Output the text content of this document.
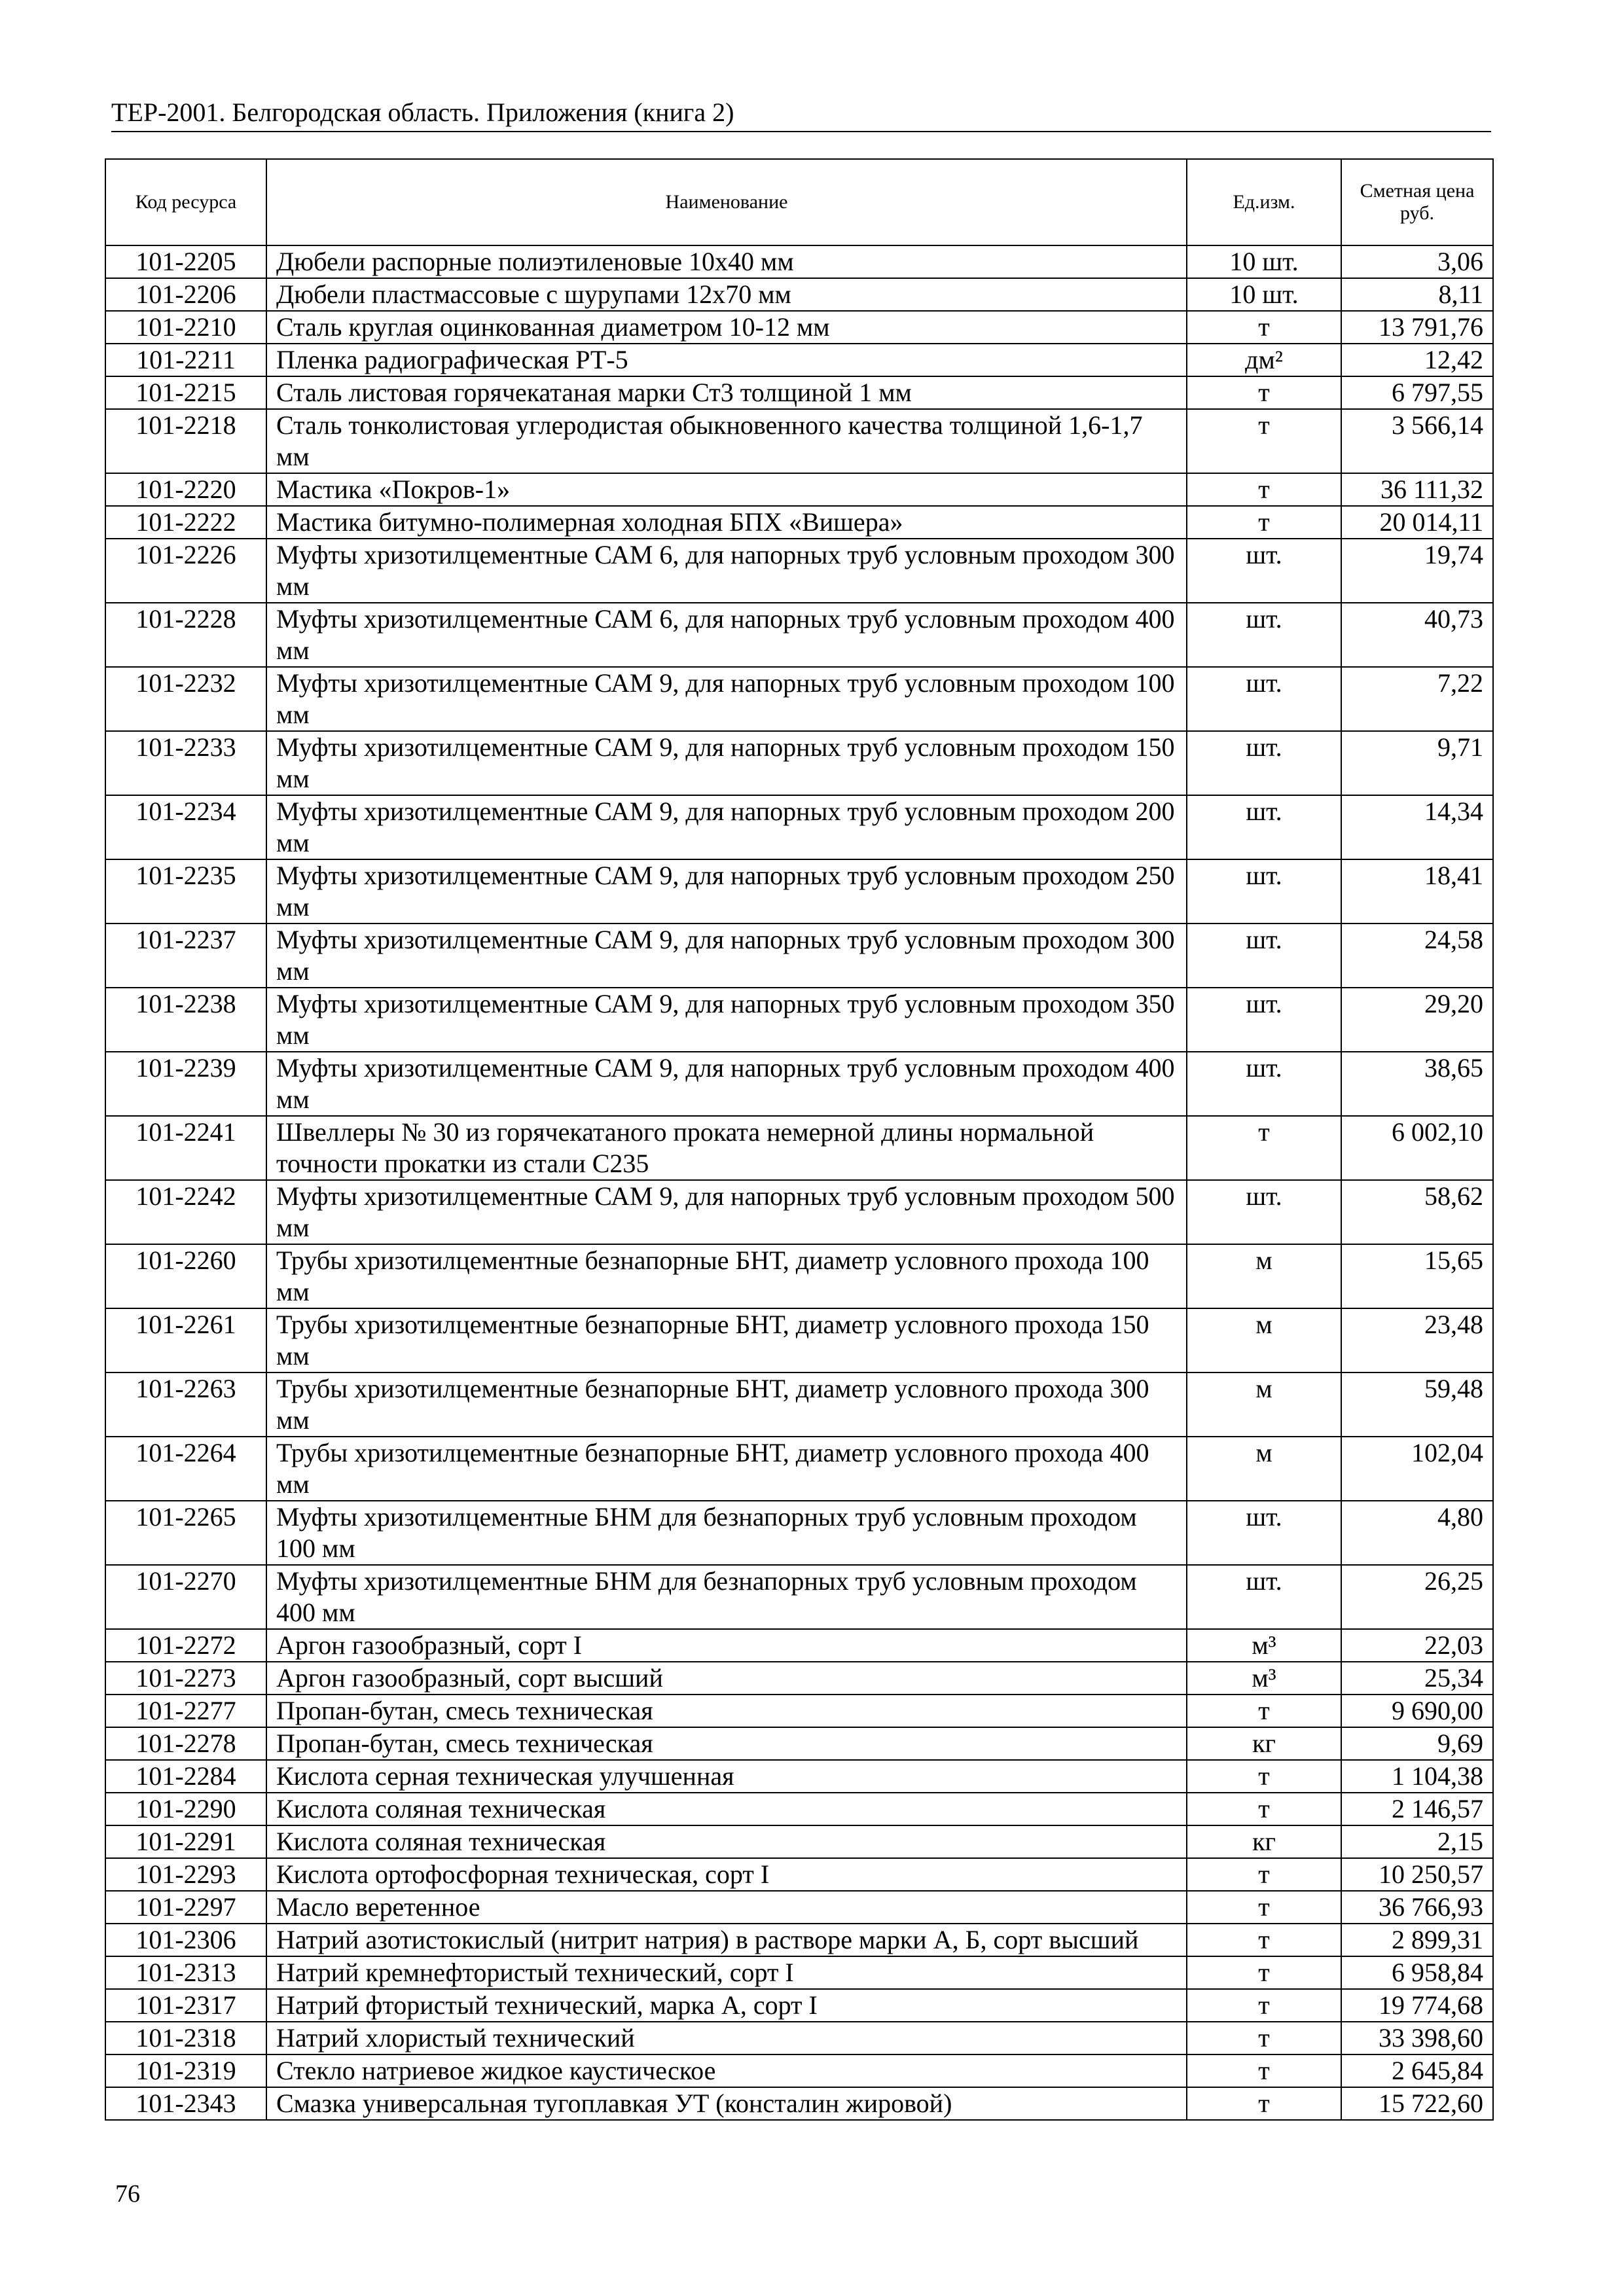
ТЕР-2001. Белгородская область. Приложения (книга 2)
Код ресурса	Наименование	Ед.изм.	Сметная цена руб.
101-2205	Дюбели распорные полиэтиленовые 10x40 мм	10 шт.	3,06
101-2206	Дюбели пластмассовые с шурупами 12x70 мм	10 шт.	8,11
101-2210	Сталь круглая оцинкованная диаметром 10-12 мм	т	13 791,76
101-2211	Пленка радиографическая РТ-5	дм²	12,42
101-2215	Сталь листовая горячекатаная марки Ст3 толщиной 1 мм	т	6 797,55
101-2218	Сталь тонколистовая углеродистая обыкновенного качества толщиной 1,6-1,7 мм	т	3 566,14
101-2220	Мастика «Покров-1»	т	36 111,32
101-2222	Мастика битумно-полимерная холодная БПХ «Вишера»	т	20 014,11
101-2226	Муфты хризотилцементные САМ 6, для напорных труб условным проходом 300 мм	шт.	19,74
101-2228	Муфты хризотилцементные САМ 6, для напорных труб условным проходом 400 мм	шт.	40,73
101-2232	Муфты хризотилцементные САМ 9, для напорных труб условным проходом 100 мм	шт.	7,22
101-2233	Муфты хризотилцементные САМ 9, для напорных труб условным проходом 150 мм	шт.	9,71
101-2234	Муфты хризотилцементные САМ 9, для напорных труб условным проходом 200 мм	шт.	14,34
101-2235	Муфты хризотилцементные САМ 9, для напорных труб условным проходом 250 мм	шт.	18,41
101-2237	Муфты хризотилцементные САМ 9, для напорных труб условным проходом 300 мм	шт.	24,58
101-2238	Муфты хризотилцементные САМ 9, для напорных труб условным проходом 350 мм	шт.	29,20
101-2239	Муфты хризотилцементные САМ 9, для напорных труб условным проходом 400 мм	шт.	38,65
101-2241	Швеллеры № 30 из горячекатаного проката немерной длины нормальной точности прокатки из стали С235	т	6 002,10
101-2242	Муфты хризотилцементные САМ 9, для напорных труб условным проходом 500 мм	шт.	58,62
101-2260	Трубы хризотилцементные безнапорные БНТ, диаметр условного прохода 100 мм	м	15,65
101-2261	Трубы хризотилцементные безнапорные БНТ, диаметр условного прохода 150 мм	м	23,48
101-2263	Трубы хризотилцементные безнапорные БНТ, диаметр условного прохода 300 мм	м	59,48
101-2264	Трубы хризотилцементные безнапорные БНТ, диаметр условного прохода 400 мм	м	102,04
101-2265	Муфты хризотилцементные БНМ для безнапорных труб условным проходом 100 мм	шт.	4,80
101-2270	Муфты хризотилцементные БНМ для безнапорных труб условным проходом 400 мм	шт.	26,25
101-2272	Аргон газообразный, сорт I	м³	22,03
101-2273	Аргон газообразный, сорт высший	м³	25,34
101-2277	Пропан-бутан, смесь техническая	т	9 690,00
101-2278	Пропан-бутан, смесь техническая	кг	9,69
101-2284	Кислота серная техническая улучшенная	т	1 104,38
101-2290	Кислота соляная техническая	т	2 146,57
101-2291	Кислота соляная техническая	кг	2,15
101-2293	Кислота ортофосфорная техническая, сорт I	т	10 250,57
101-2297	Масло веретенное	т	36 766,93
101-2306	Натрий азотистокислый (нитрит натрия) в растворе марки А, Б, сорт высший	т	2 899,31
101-2313	Натрий кремнефтористый технический, сорт I	т	6 958,84
101-2317	Натрий фтористый технический, марка А, сорт I	т	19 774,68
101-2318	Натрий хлористый технический	т	33 398,60
101-2319	Стекло натриевое жидкое каустическое	т	2 645,84
101-2343	Смазка универсальная тугоплавкая УТ (консталин жировой)	т	15 722,60
76
